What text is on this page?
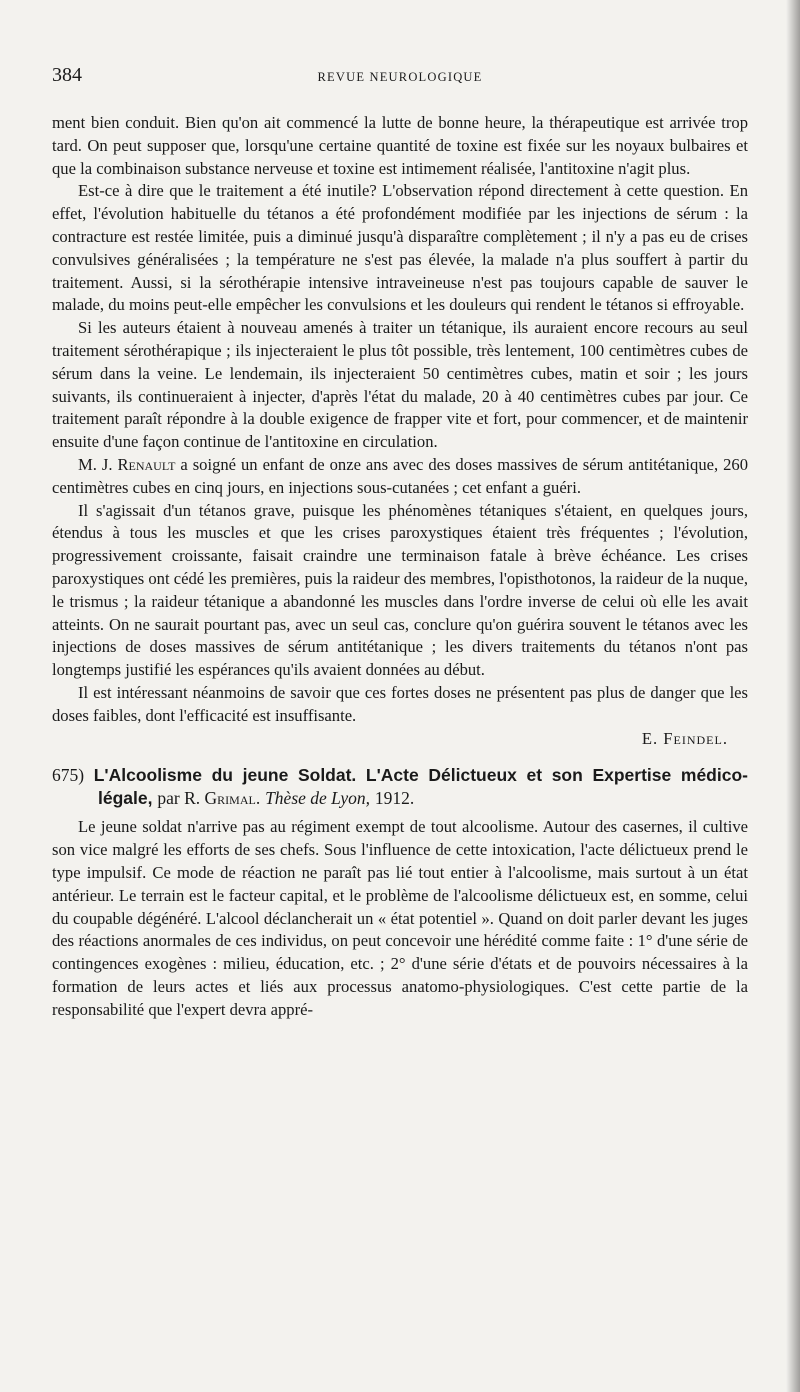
384	REVUE NEUROLOGIQUE

ment bien conduit. Bien qu'on ait commencé la lutte de bonne heure, la thérapeutique est arrivée trop tard. On peut supposer que, lorsqu'une certaine quantité de toxine est fixée sur les noyaux bulbaires et que la combinaison substance nerveuse et toxine est intimement réalisée, l'antitoxine n'agit plus.

Est-ce à dire que le traitement a été inutile? L'observation répond directement à cette question. En effet, l'évolution habituelle du tétanos a été profondément modifiée par les injections de sérum : la contracture est restée limitée, puis a diminué jusqu'à disparaître complètement ; il n'y a pas eu de crises convulsives généralisées ; la température ne s'est pas élevée, la malade n'a plus souffert à partir du traitement. Aussi, si la sérothérapie intensive intraveineuse n'est pas toujours capable de sauver le malade, du moins peut-elle empêcher les convulsions et les douleurs qui rendent le tétanos si effroyable.

Si les auteurs étaient à nouveau amenés à traiter un tétanique, ils auraient encore recours au seul traitement sérothérapique ; ils injecteraient le plus tôt possible, très lentement, 100 centimètres cubes de sérum dans la veine. Le lendemain, ils injecteraient 50 centimètres cubes, matin et soir ; les jours suivants, ils continueraient à injecter, d'après l'état du malade, 20 à 40 centimètres cubes par jour. Ce traitement paraît répondre à la double exigence de frapper vite et fort, pour commencer, et de maintenir ensuite d'une façon continue de l'antitoxine en circulation.

M. J. Renault a soigné un enfant de onze ans avec des doses massives de sérum antitétanique, 260 centimètres cubes en cinq jours, en injections sous-cutanées ; cet enfant a guéri.

Il s'agissait d'un tétanos grave, puisque les phénomènes tétaniques s'étaient, en quelques jours, étendus à tous les muscles et que les crises paroxystiques étaient très fréquentes ; l'évolution, progressivement croissante, faisait craindre une terminaison fatale à brève échéance. Les crises paroxystiques ont cédé les premières, puis la raideur des membres, l'opisthotonos, la raideur de la nuque, le trismus ; la raideur tétanique a abandonné les muscles dans l'ordre inverse de celui où elle les avait atteints. On ne saurait pourtant pas, avec un seul cas, conclure qu'on guérira souvent le tétanos avec les injections de doses massives de sérum antitétanique ; les divers traitements du tétanos n'ont pas longtemps justifié les espérances qu'ils avaient données au début.

Il est intéressant néanmoins de savoir que ces fortes doses ne présentent pas plus de danger que les doses faibles, dont l'efficacité est insuffisante.

E. Feindel.

675) L'Alcoolisme du jeune Soldat. L'Acte Délictueux et son Expertise médico-légale, par R. Grimal. Thèse de Lyon, 1912.

Le jeune soldat n'arrive pas au régiment exempt de tout alcoolisme. Autour des casernes, il cultive son vice malgré les efforts de ses chefs. Sous l'influence de cette intoxication, l'acte délictueux prend le type impulsif. Ce mode de réaction ne paraît pas lié tout entier à l'alcoolisme, mais surtout à un état antérieur. Le terrain est le facteur capital, et le problème de l'alcoolisme délictueux est, en somme, celui du coupable dégénéré. L'alcool déclancherait un « état potentiel ». Quand on doit parler devant les juges des réactions anormales de ces individus, on peut concevoir une hérédité comme faite : 1° d'une série de contingences exogènes : milieu, éducation, etc. ; 2° d'une série d'états et de pouvoirs nécessaires à la formation de leurs actes et liés aux processus anatomo-physiologiques. C'est cette partie de la responsabilité que l'expert devra appré-
